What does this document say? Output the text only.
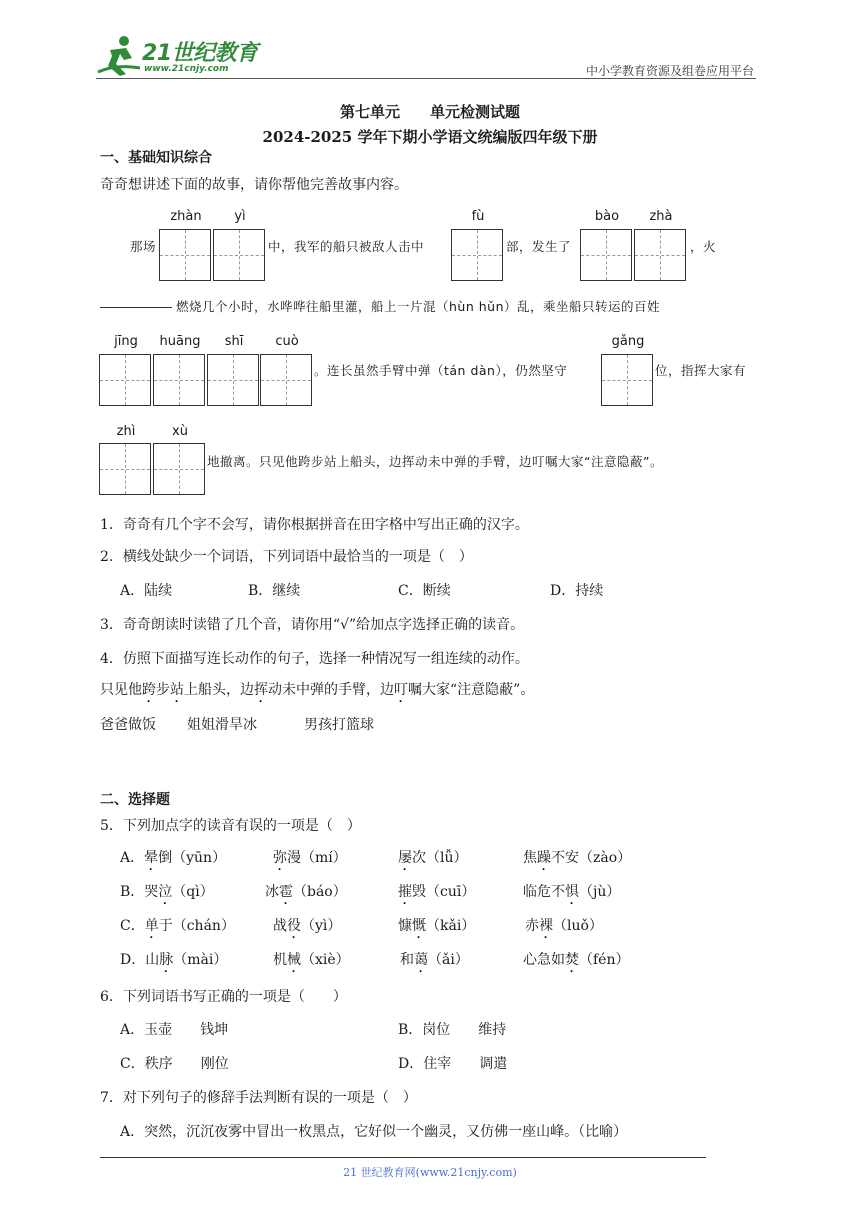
21世纪教育
www.21cnjy.com	中小学教育资源及组卷应用平台
第七单元　　单元检测试题
2024-2025 学年下期小学语文统编版四年级下册
一、基础知识综合
奇奇想讲述下面的故事，请你帮他完善故事内容。
zhàn	yì	fù	bào	zhà
那场	中，我军的船只被敌人击中	部，发生了	，火
燃烧几个小时，水哗哗往船里灌，船上一片混（hùn hǔn）乱，乘坐船只转运的百姓
jīng	huāng	shī	cuò	gǎng
。连长虽然手臂中弹（tán dàn），仍然坚守	位，指挥大家有
zhì	xù
地撤离。只见他跨步站上船头，边挥动未中弹的手臂，边叮嘱大家“注意隐蔽”。
1．奇奇有几个字不会写，请你根据拼音在田字格中写出正确的汉字。
2．横线处缺少一个词语，下列词语中最恰当的一项是（　）
A．陆续	B．继续	C．断续	D．持续
3．奇奇朗读时读错了几个音，请你用“√”给加点字选择正确的读音。
4．仿照下面描写连长动作的句子，选择一种情况写一组连续的动作。
只见他跨步站上船头，边挥动未中弹的手臂，边叮嘱大家“注意隐蔽”。
爸爸做饭 姐姐滑旱冰	男孩打篮球
二、选择题
5．下列加点字的读音有误的一项是（　）
A．晕倒（yūn）	弥漫（mí）	屡次（lǚ）	焦躁不安（zào）
B．哭泣（qì）	冰雹（báo）	摧毁（cuī）	临危不惧（jù）
C．单于（chán）	战役（yì）	慷慨（kǎi）	赤裸（luǒ）
D．山脉（mài）	机械（xiè）	和蔼（ǎi）	心急如焚（fén）
6．下列词语书写正确的一项是（　　）
A．玉壶　　钱坤	B．岗位　　维持
C．秩序　　刚位	D．住宰　　调遣
7．对下列句子的修辞手法判断有误的一项是（　）
A．突然，沉沉夜雾中冒出一枚黑点，它好似一个幽灵，又仿佛一座山峰。（比喻）
21 世纪教育网(www.21cnjy.com)
